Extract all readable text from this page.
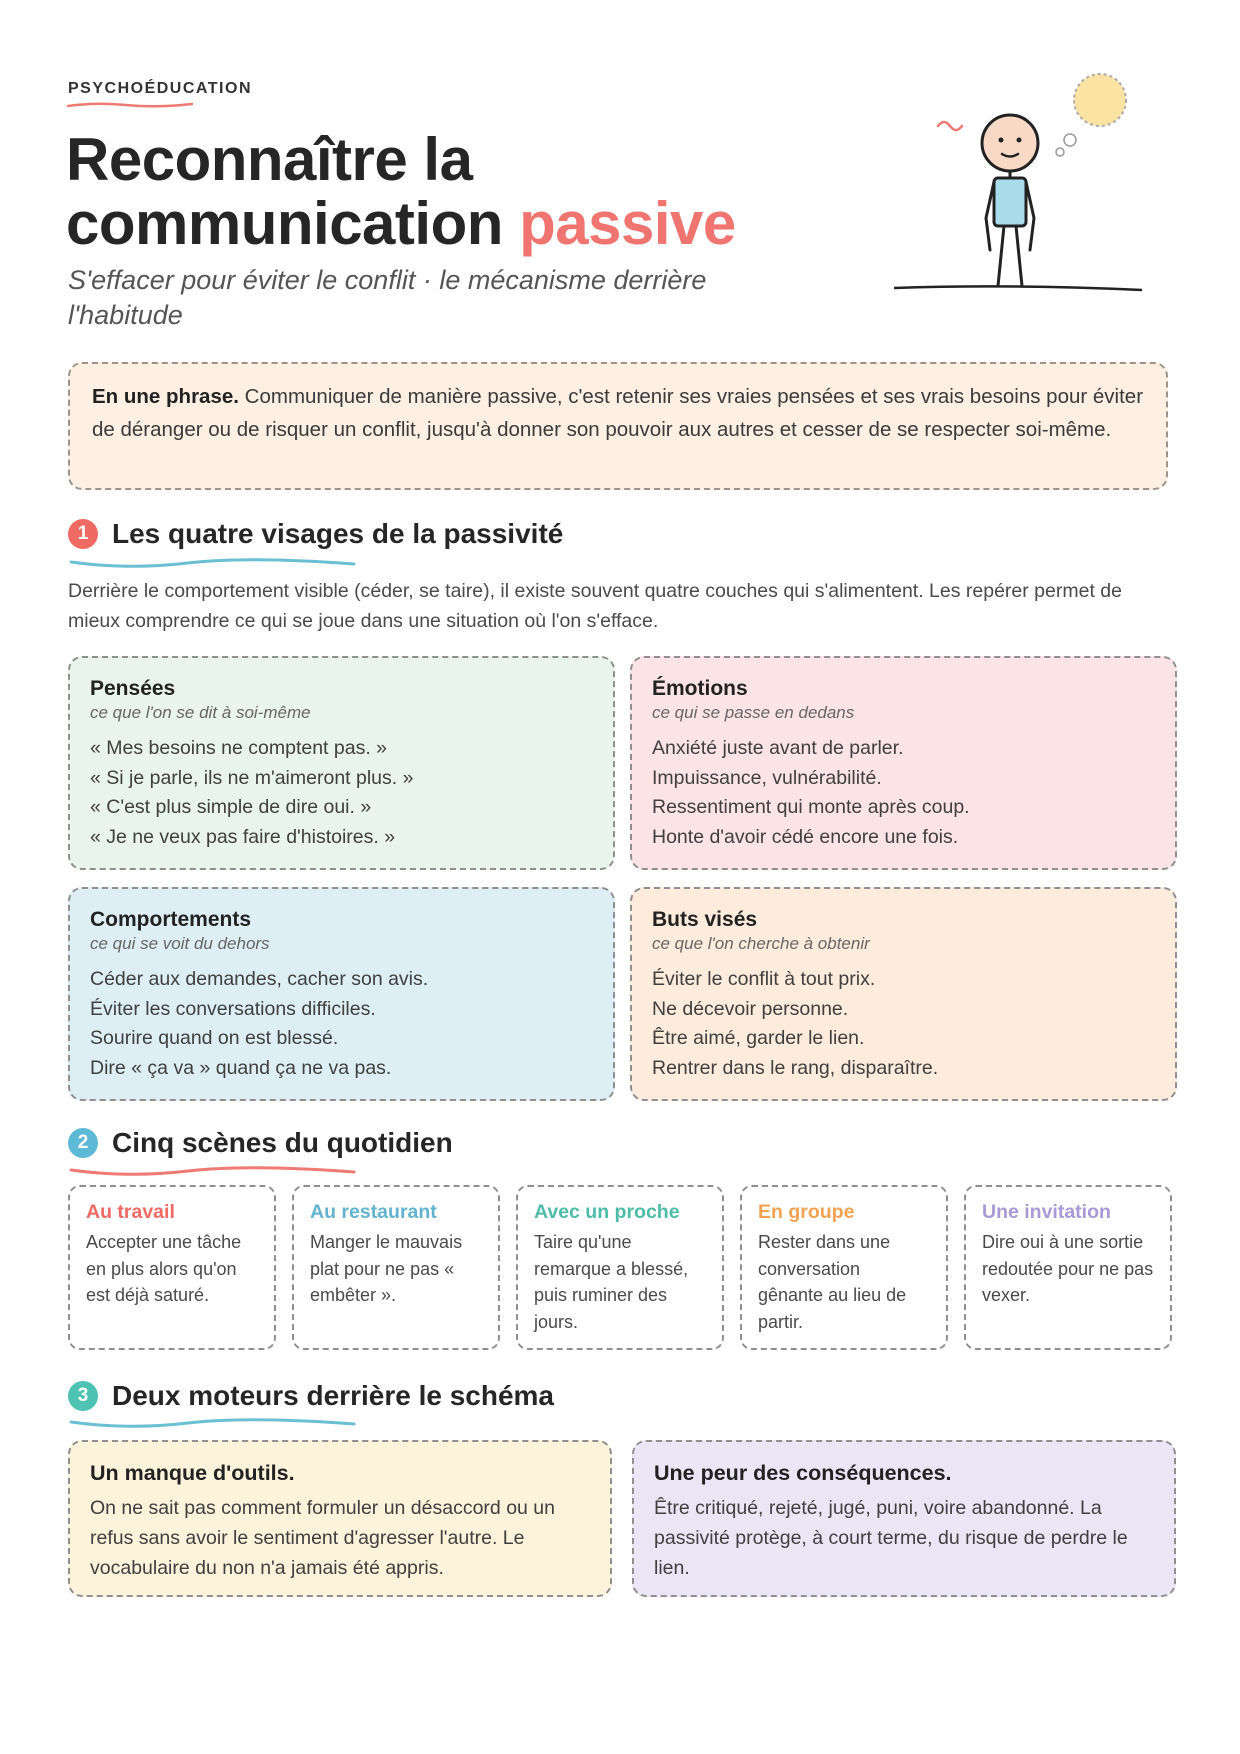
PSYCHOÉDUCATION
Reconnaître la
communication passive

S'effacer pour éviter le conflit · le mécanisme derrière l'habitude

En une phrase. Communiquer de manière passive, c'est retenir ses vraies pensées et ses vrais besoins pour éviter de déranger ou de risquer un conflit, jusqu'à donner son pouvoir aux autres et cesser de se respecter soi-même.
1 Les quatre visages de la passivité

Derrière le comportement visible (céder, se taire), il existe souvent quatre couches qui s'alimentent. Les repérer permet de mieux comprendre ce qui se joue dans une situation où l'on s'efface.

Pensées
ce que l'on se dit à soi-même
« Mes besoins ne comptent pas. »
« Si je parle, ils ne m'aimeront plus. »
« C'est plus simple de dire oui. »
« Je ne veux pas faire d'histoires. »
Émotions
ce qui se passe en dedans
Anxiété juste avant de parler.
Impuissance, vulnérabilité.
Ressentiment qui monte après coup.
Honte d'avoir cédé encore une fois.
Comportements
ce qui se voit du dehors
Céder aux demandes, cacher son avis.
Éviter les conversations difficiles.
Sourire quand on est blessé.
Dire « ça va » quand ça ne va pas.
Buts visés
ce que l'on cherche à obtenir
Éviter le conflit à tout prix.
Ne décevoir personne.
Être aimé, garder le lien.
Rentrer dans le rang, disparaître.
2 Cinq scènes du quotidien
Au travail

Accepter une tâche en plus alors qu'on est déjà saturé.

Au restaurant

Manger le mauvais plat pour ne pas « embêter ».

Avec un proche

Taire qu'une remarque a blessé, puis ruminer des jours.

En groupe

Rester dans une conversation gênante au lieu de partir.

Une invitation

Dire oui à une sortie redoutée pour ne pas vexer.

3 Deux moteurs derrière le schéma
Un manque d'outils.

On ne sait pas comment formuler un désaccord ou un refus sans avoir le sentiment d'agresser l'autre. Le vocabulaire du non n'a jamais été appris.

Une peur des conséquences.

Être critiqué, rejeté, jugé, puni, voire abandonné. La passivité protège, à court terme, du risque de perdre le lien.
